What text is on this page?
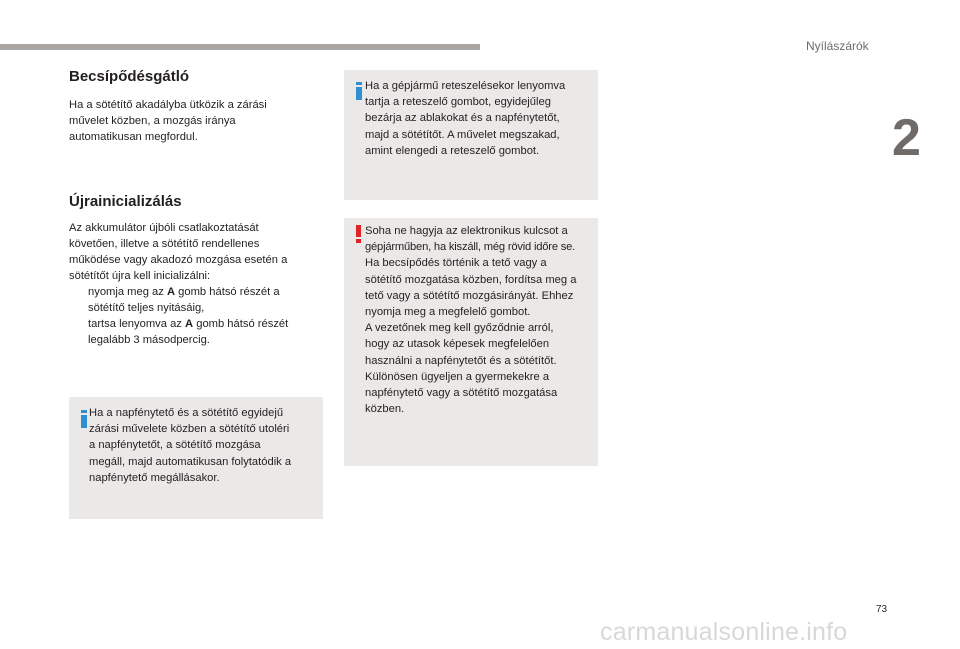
Nyílászárók
2
Becsípődésgátló
Ha a sötétítő akadályba ütközik a zárási
művelet közben, a mozgás iránya
automatikusan megfordul.
Újrainicializálás
Az akkumulátor újbóli csatlakoztatását
követően, illetve a sötétítő rendellenes
működése vagy akadozó mozgása esetén a
sötétítőt újra kell inicializálni:
nyomja meg az A gomb hátsó részét a
sötétítő teljes nyitásáig,
tartsa lenyomva az A gomb hátsó részét
legalább 3 másodpercig.
Ha a napfénytető és a sötétítő egyidejű
zárási művelete közben a sötétítő utoléri
a napfénytetőt, a sötétítő mozgása
megáll, majd automatikusan folytatódik a
napfénytető megállásakor.
Ha a gépjármű reteszelésekor lenyomva
tartja a reteszelő gombot, egyidejűleg
bezárja az ablakokat és a napfénytetőt,
majd a sötétítőt. A művelet megszakad,
amint elengedi a reteszelő gombot.
Soha ne hagyja az elektronikus kulcsot a
gépjárműben, ha kiszáll, még rövid időre se.
Ha becsípődés történik a tető vagy a
sötétítő mozgatása közben, fordítsa meg a
tető vagy a sötétítő mozgásirányát. Ehhez
nyomja meg a megfelelő gombot.
A vezetőnek meg kell győződnie arról,
hogy az utasok képesek megfelelően
használni a napfénytetőt és a sötétítőt.
Különösen ügyeljen a gyermekekre a
napfénytető vagy a sötétítő mozgatása
közben.
73
carmanualsonline.info
